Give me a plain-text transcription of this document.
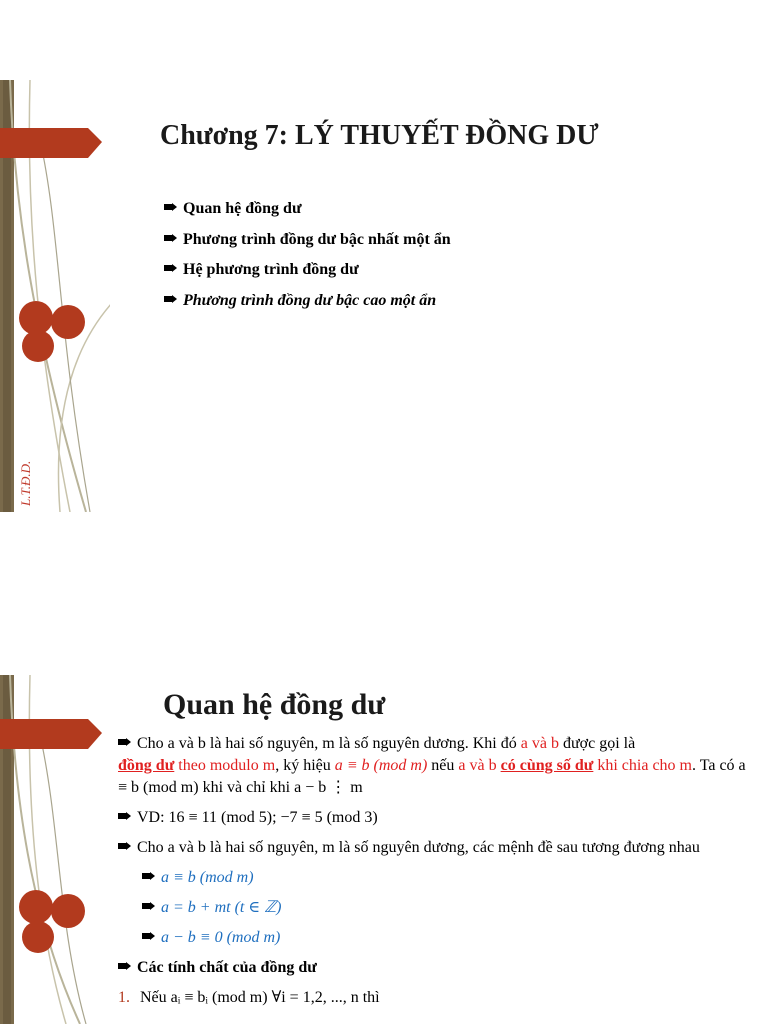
Chương 7: LÝ THUYẾT ĐỒNG DƯ
Quan hệ đồng dư
Phương trình đồng dư bậc nhất một ẩn
Hệ phương trình đồng dư
Phương trình đồng dư bậc cao một ẩn
L.T.Đ.D.
Quan hệ đồng dư

Cho a và b là hai số nguyên, m là số nguyên dương. Khi đó a và b được gọi là
đồng dư theo modulo m, ký hiệu a ≡ b (mod m) nếu a và b có cùng số dư khi chia cho m. Ta có a ≡ b (mod m) khi và chỉ khi a − b ⋮ m

VD: 16 ≡ 11 (mod 5); −7 ≡ 5 (mod 3)

Cho a và b là hai số nguyên, m là số nguyên dương, các mệnh đề sau tương đương nhau

a ≡ b (mod m)
a = b + mt (t ∈ ℤ)
a − b ≡ 0 (mod m)

Các tính chất của đồng dư

1. Nếu aᵢ ≡ bᵢ (mod m) ∀i = 1,2, ..., n thì
